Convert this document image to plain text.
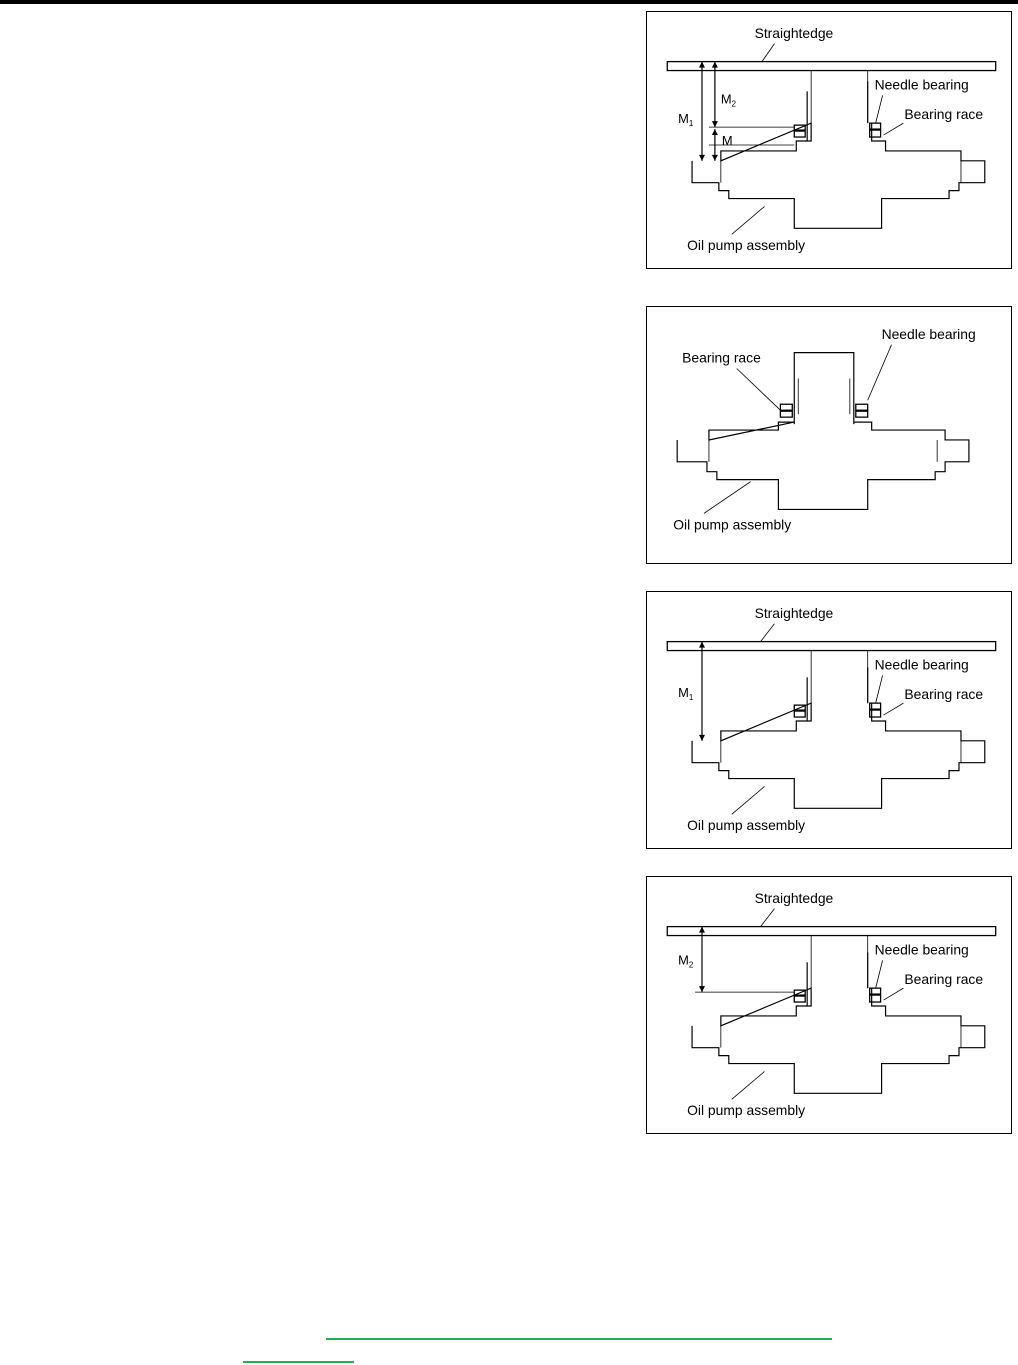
Straightedge
Needle bearing
Bearing race
$M_1$
$M_2$
M
Oil pump assembly
Needle bearing
Bearing race
Oil pump assembly
Straightedge
Needle bearing
Bearing race
$M_1$
Oil pump assembly
Straightedge
Needle bearing
Bearing race
$M_2$
Oil pump assembly
